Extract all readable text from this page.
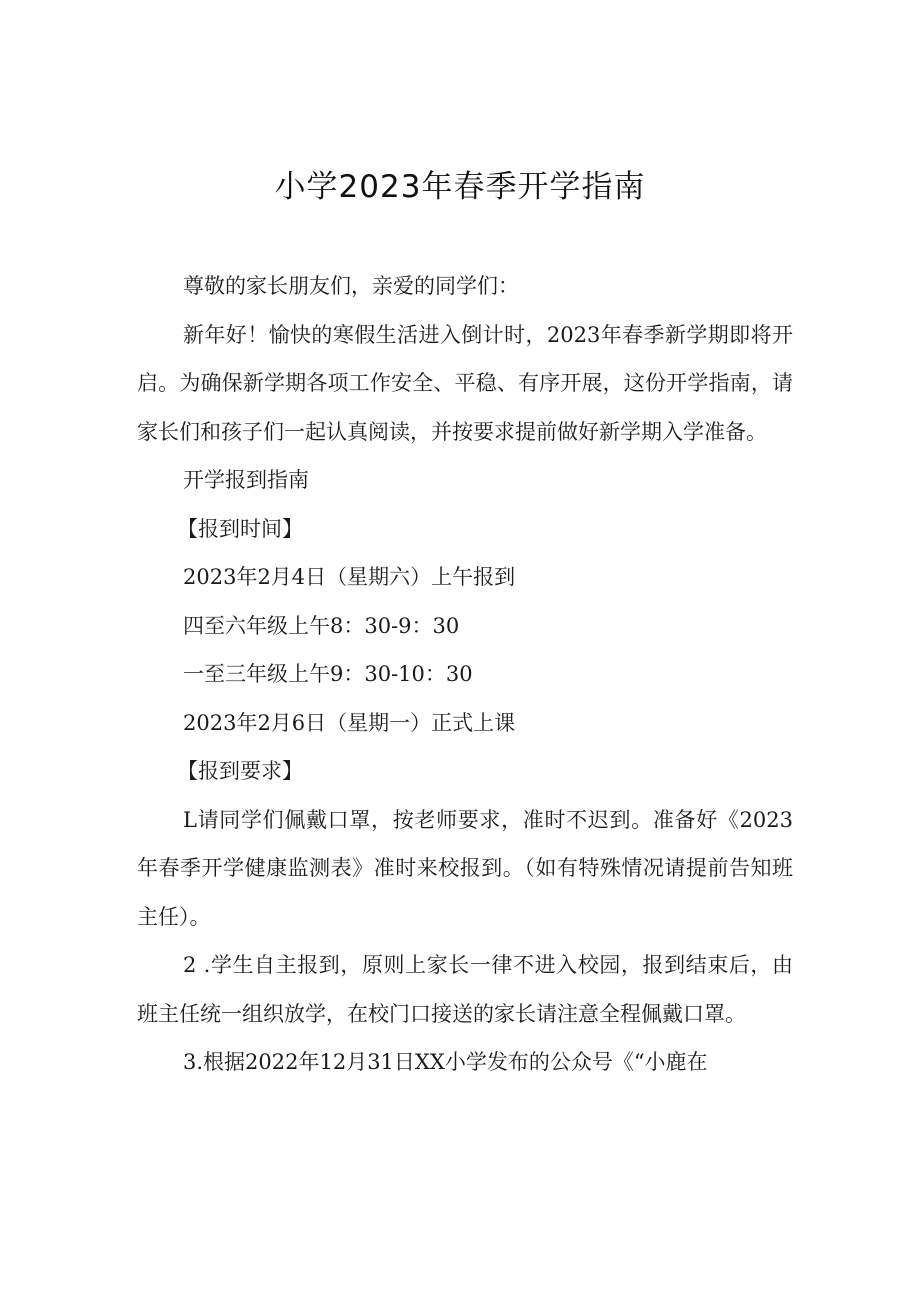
小学2023年春季开学指南

尊敬的家长朋友们，亲爱的同学们：

新年好！愉快的寒假生活进入倒计时，2023年春季新学期即将开启。为确保新学期各项工作安全、平稳、有序开展，这份开学指南，请家长们和孩子们一起认真阅读，并按要求提前做好新学期入学准备。

开学报到指南

【报到时间】

2023年2月4日（星期六）上午报到

四至六年级上午8：30-9：30

一至三年级上午9：30-10：30

2023年2月6日（星期一）正式上课

【报到要求】

L请同学们佩戴口罩，按老师要求，准时不迟到。准备好《2023年春季开学健康监测表》准时来校报到。（如有特殊情况请提前告知班主任）。

2 .学生自主报到，原则上家长一律不进入校园，报到结束后，由班主任统一组织放学，在校门口接送的家长请注意全程佩戴口罩。

3.根据2022年12月31日XX小学发布的公众号《“小鹿在
